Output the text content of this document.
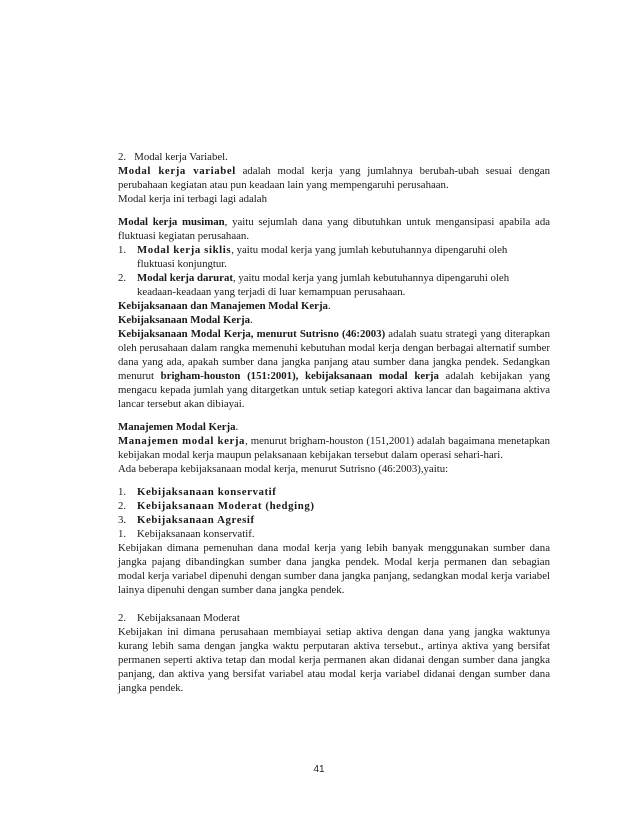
2. Modal kerja Variabel.

Modal kerja variabel adalah modal kerja yang jumlahnya berubah-ubah sesuai dengan perubahaan kegiatan atau pun keadaan lain yang mempengaruhi perusahaan.

Modal kerja ini terbagi lagi adalah

Modal kerja musiman, yaitu sejumlah dana yang dibutuhkan untuk mengansipasi apabila ada fluktuasi kegiatan perusahaan.

1.	Modal kerja siklis, yaitu modal kerja yang jumlah kebutuhannya dipengaruhi oleh

fluktuasi konjungtur.

2.	Modal kerja darurat, yaitu modal kerja yang jumlah kebutuhannya dipengaruhi oleh

keadaan-keadaan yang terjadi di luar kemampuan perusahaan.

Kebijaksanaan dan Manajemen Modal Kerja.

Kebijaksanaan Modal Kerja.

Kebijaksanaan Modal Kerja, menurut Sutrisno (46:2003) adalah suatu strategi yang diterapkan oleh perusahaan dalam rangka memenuhi kebutuhan modal kerja dengan berbagai alternatif sumber dana yang ada, apakah sumber dana jangka panjang atau sumber dana jangka pendek. Sedangkan menurut brigham-houston (151:2001), kebijaksanaan modal kerja adalah kebijakan yang mengacu kepada jumlah yang ditargetkan untuk setiap kategori aktiva lancar dan bagaimana aktiva lancar tersebut akan dibiayai.

Manajemen Modal Kerja.

Manajemen modal kerja, menurut brigham-houston (151,2001) adalah bagaimana menetapkan kebijakan modal kerja maupun pelaksanaan kebijakan tersebut dalam operasi sehari-hari.

Ada beberapa kebijaksanaan modal kerja, menurut Sutrisno (46:2003),yaitu:

1.	Kebijaksanaan konservatif
2.	Kebijaksanaan Moderat (hedging)
3.	Kebijaksanaan Agresif
1.	Kebijaksanaan konservatif.

Kebijakan dimana pemenuhan dana modal kerja yang lebih banyak menggunakan sumber dana jangka pajang dibandingkan sumber dana jangka pendek. Modal kerja permanen dan sebagian modal kerja variabel dipenuhi dengan sumber dana jangka panjang, sedangkan modal kerja variabel lainya dipenuhi dengan sumber dana jangka pendek.

2.	Kebijaksanaan Moderat

Kebijakan ini dimana perusahaan membiayai setiap aktiva dengan dana yang jangka waktunya kurang lebih sama dengan jangka waktu perputaran aktiva tersebut., artinya aktiva yang bersifat permanen seperti aktiva tetap dan modal kerja permanen akan didanai dengan sumber dana jangka panjang, dan aktiva yang bersifat variabel atau modal kerja variabel didanai dengan sumber dana jangka pendek.

41
